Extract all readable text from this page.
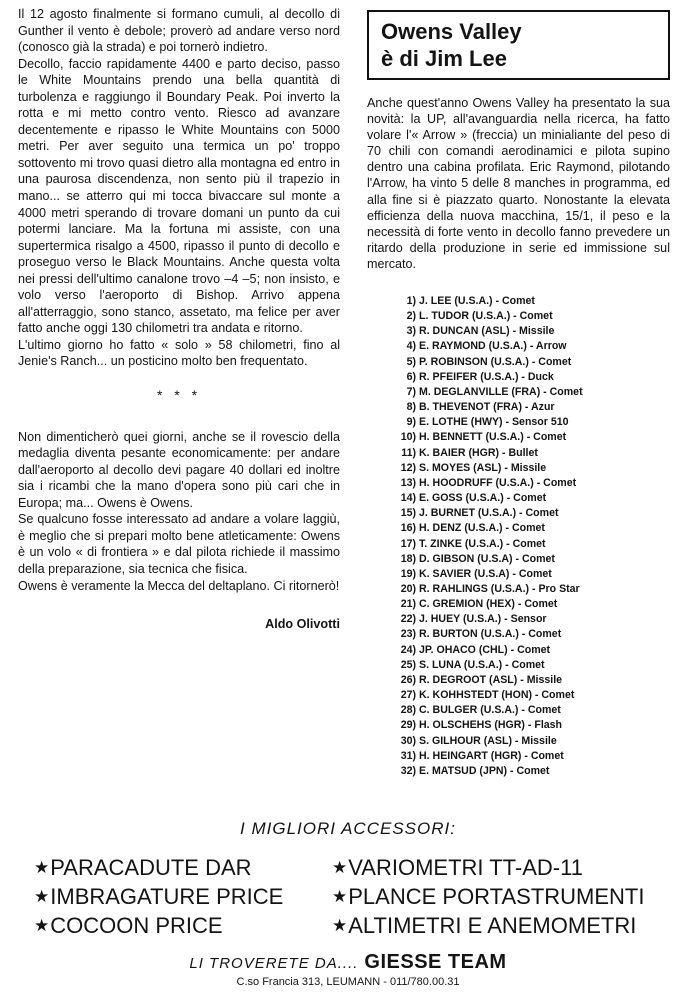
Il 12 agosto finalmente si formano cumuli, al decollo di Gunther il vento è debole; proverò ad andare verso nord (conosco già la strada) e poi tornerò indietro.

Decollo, faccio rapidamente 4400 e parto deciso, passo le White Mountains prendo una bella quantità di turbolenza e raggiungo il Boundary Peak. Poi inverto la rotta e mi metto contro vento. Riesco ad avanzare decentemente e ripasso le White Mountains con 5000 metri. Per aver seguito una termica un po' troppo sottovento mi trovo quasi dietro alla montagna ed entro in una paurosa discendenza, non sento più il trapezio in mano... se atterro qui mi tocca bivaccare sul monte a 4000 metri sperando di trovare domani un punto da cui potermi lanciare. Ma la fortuna mi assiste, con una supertermica risalgo a 4500, ripasso il punto di decollo e proseguo verso le Black Mountains. Anche questa volta nei pressi dell'ultimo canalone trovo –4 –5; non insisto, e volo verso l'aeroporto di Bishop. Arrivo appena all'atterraggio, sono stanco, assetato, ma felice per aver fatto anche oggi 130 chilometri tra andata e ritorno.

L'ultimo giorno ho fatto « solo » 58 chilometri, fino al Jenie's Ranch... un posticino molto ben frequentato.

* * *

Non dimenticherò quei giorni, anche se il rovescio della medaglia diventa pesante economicamente: per andare dall'aeroporto al decollo devi pagare 40 dollari ed inoltre sia i ricambi che la mano d'opera sono più cari che in Europa; ma... Owens è Owens.

Se qualcuno fosse interessato ad andare a volare laggiù, è meglio che si prepari molto bene atleticamente: Owens è un volo « di frontiera » e dal pilota richiede il massimo della preparazione, sia tecnica che fisica.

Owens è veramente la Mecca del deltaplano. Ci ritornerò!

Aldo Olivotti
Owens Valley
è di Jim Lee

Anche quest'anno Owens Valley ha presentato la sua novità: la UP, all'avanguardia nella ricerca, ha fatto volare l'« Arrow » (freccia) un minialiante del peso di 70 chili con comandi aerodinamici e pilota supino dentro una cabina profilata. Eric Raymond, pilotando l'Arrow, ha vinto 5 delle 8 manches in programma, ed alla fine si è piazzato quarto. Nonostante la elevata efficienza della nuova macchina, 15/1, il peso e la necessità di forte vento in decollo fanno prevedere un ritardo della produzione in serie ed immissione sul mercato.

1) J. LEE (U.S.A.) - Comet
2) L. TUDOR (U.S.A.) - Comet
3) R. DUNCAN (ASL) - Missile
4) E. RAYMOND (U.S.A.) - Arrow
5) P. ROBINSON (U.S.A.) - Comet
6) R. PFEIFER (U.S.A.) - Duck
7) M. DEGLANVILLE (FRA) - Comet
8) B. THEVENOT (FRA) - Azur
9) E. LOTHE (HWY) - Sensor 510
10) H. BENNETT (U.S.A.) - Comet
11) K. BAIER (HGR) - Bullet
12) S. MOYES (ASL) - Missile
13) H. HOODRUFF (U.S.A.) - Comet
14) E. GOSS (U.S.A.) - Comet
15) J. BURNET (U.S.A.) - Comet
16) H. DENZ (U.S.A.) - Comet
17) T. ZINKE (U.S.A.) - Comet
18) D. GIBSON (U.S.A) - Comet
19) K. SAVIER (U.S.A) - Comet
20) R. RAHLINGS (U.S.A.) - Pro Star
21) C. GREMION (HEX) - Comet
22) J. HUEY (U.S.A.) - Sensor
23) R. BURTON (U.S.A.) - Comet
24) JP. OHACO (CHL) - Comet
25) S. LUNA (U.S.A.) - Comet
26) R. DEGROOT (ASL) - Missile
27) K. KOHHSTEDT (HON) - Comet
28) C. BULGER (U.S.A.) - Comet
29) H. OLSCHEHS (HGR) - Flash
30) S. GILHOUR (ASL) - Missile
31) H. HEINGART (HGR) - Comet
32) E. MATSUD (JPN) - Comet
I MIGLIORI ACCESSORI:
★PARACADUTE DAR
★IMBRAGATURE PRICE
★COCOON PRICE
★VARIOMETRI TT-AD-11
★PLANCE PORTASTRUMENTI
★ALTIMETRI E ANEMOMETRI
LI TROVERETE DA.... GIESSE TEAM
C.so Francia 313, LEUMANN - 011/780.00.31
